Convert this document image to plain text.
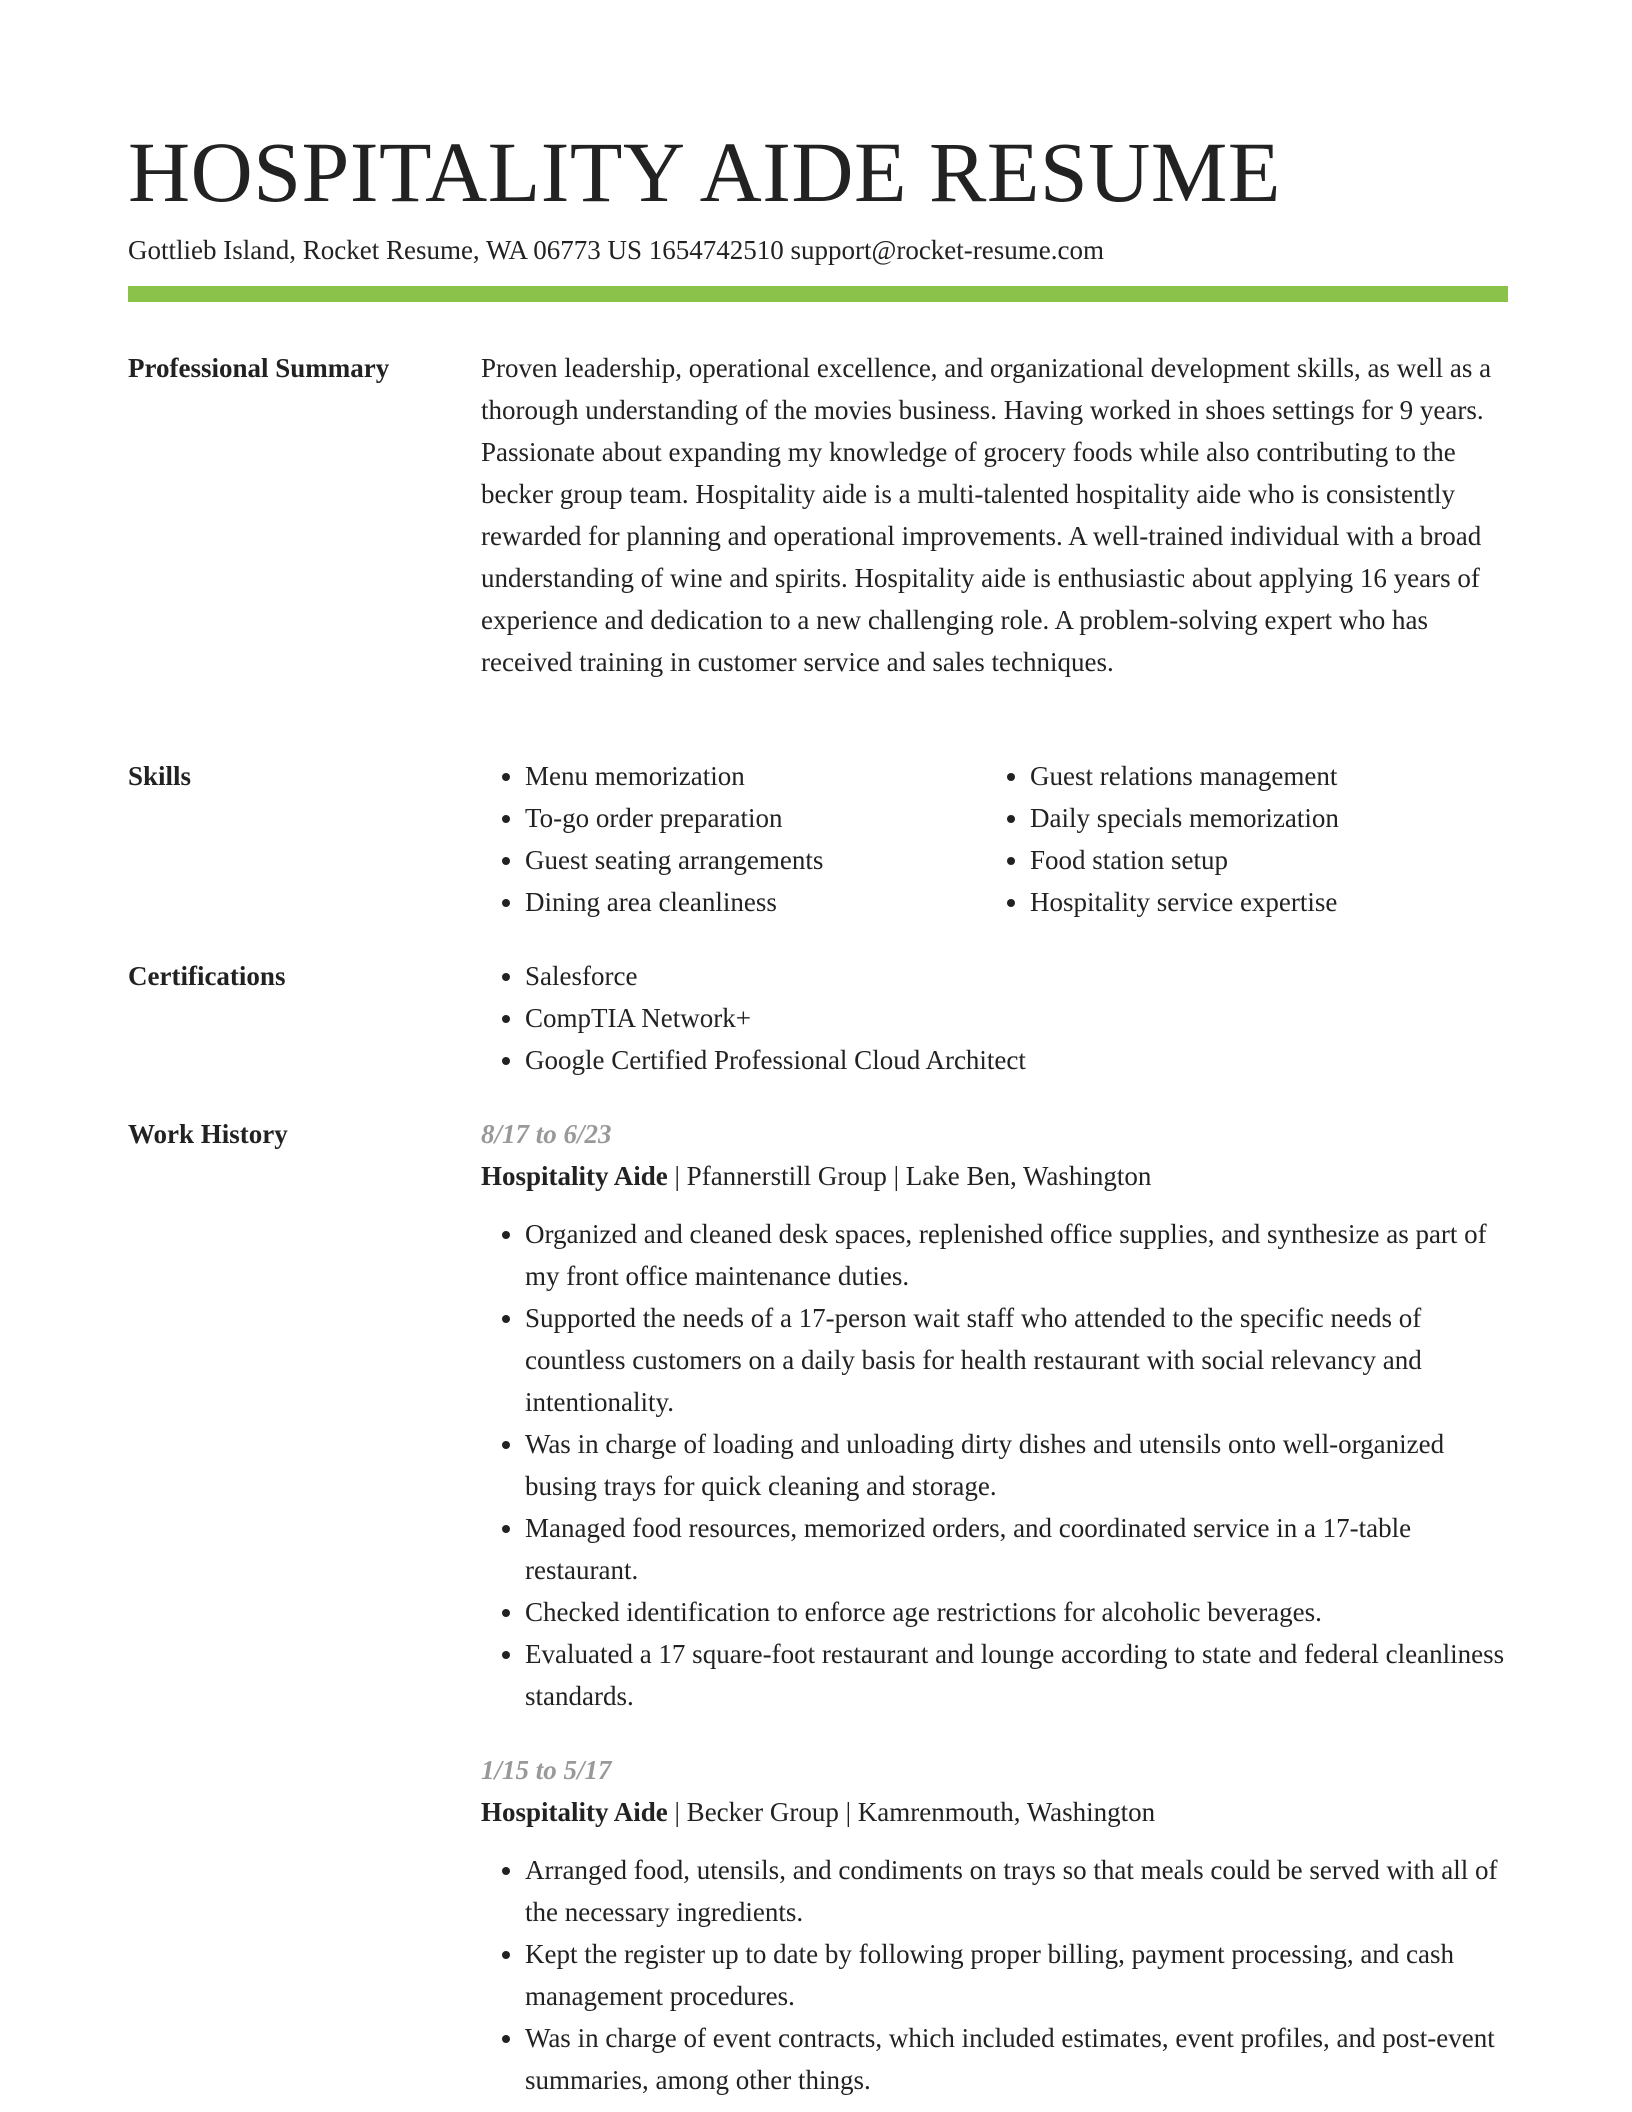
HOSPITALITY AIDE RESUME
Gottlieb Island, Rocket Resume, WA 06773 US 1654742510 support@rocket-resume.com
Professional Summary	Proven leadership, operational excellence, and organizational development skills, as well as a thorough understanding of the movies business. Having worked in shoes settings for 9 years. Passionate about expanding my knowledge of grocery foods while also contributing to the becker group team. Hospitality aide is a multi-talented hospitality aide who is consistently rewarded for planning and operational improvements. A well-trained individual with a broad understanding of wine and spirits. Hospitality aide is enthusiastic about applying 16 years of experience and dedication to a new challenging role. A problem-solving expert who has received training in customer service and sales techniques.

Skills	• Menu memorization
• To-go order preparation
• Guest seating arrangements
• Dining area cleanliness
• Guest relations management
• Daily specials memorization
• Food station setup
• Hospitality service expertise
Certifications	• Salesforce
• CompTIA Network+
• Google Certified Professional Cloud Architect
Work History	8/17 to 6/23
Hospitality Aide | Pfannerstill Group | Lake Ben, Washington
• Organized and cleaned desk spaces, replenished office supplies, and synthesize as part of my front office maintenance duties.
• Supported the needs of a 17-person wait staff who attended to the specific needs of countless customers on a daily basis for health restaurant with social relevancy and intentionality.
• Was in charge of loading and unloading dirty dishes and utensils onto well-organized busing trays for quick cleaning and storage.
• Managed food resources, memorized orders, and coordinated service in a 17-table restaurant.
• Checked identification to enforce age restrictions for alcoholic beverages.
• Evaluated a 17 square-foot restaurant and lounge according to state and federal cleanliness standards.
1/15 to 5/17
Hospitality Aide | Becker Group | Kamrenmouth, Washington
• Arranged food, utensils, and condiments on trays so that meals could be served with all of the necessary ingredients.
• Kept the register up to date by following proper billing, payment processing, and cash management procedures.
• Was in charge of event contracts, which included estimates, event profiles, and post-event summaries, among other things.
